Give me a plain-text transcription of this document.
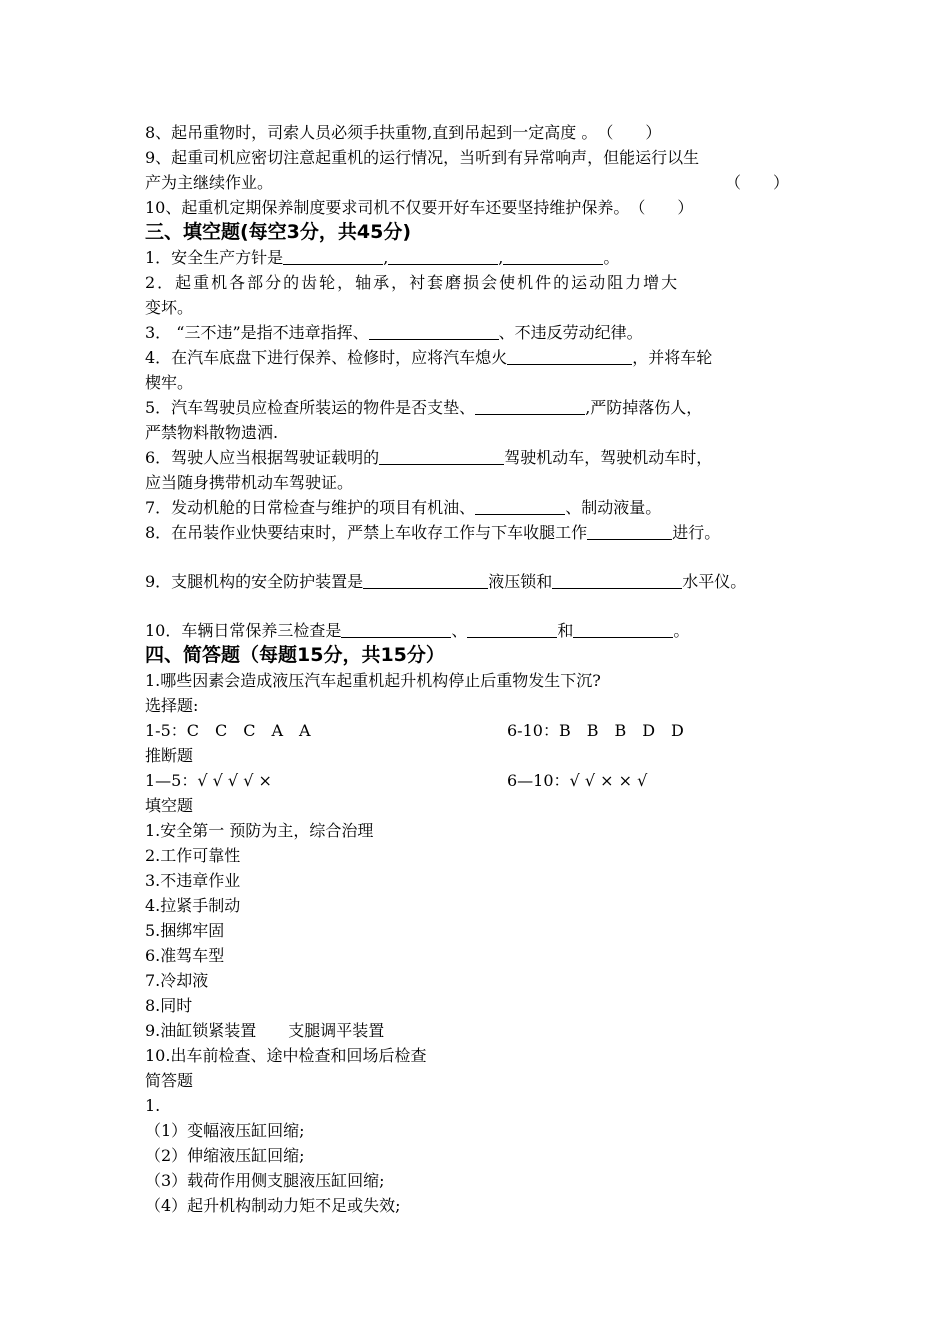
8、起吊重物时，司索人员必须手扶重物,直到吊起到一定高度 。（　　）
9、起重司机应密切注意起重机的运行情况，当听到有异常响声，但能运行以生
产为主继续作业。	（　　）
10、起重机定期保养制度要求司机不仅要开好车还要坚持维护保养。（　　）
三、填空题(每空3分，共45分)
1．安全生产方针是	,	,	。
2．起重机各部分的齿轮，轴承，衬套磨损会使机件的运动阻力增大
变坏。
3． “三不违”是指不违章指挥、	、不违反劳动纪律。
4．在汽车底盘下进行保养、检修时，应将汽车熄火	，并将车轮
楔牢。
5．汽车驾驶员应检查所装运的物件是否支垫、	,严防掉落伤人，
严禁物料散物遗洒.
6．驾驶人应当根据驾驶证载明的	驾驶机动车，驾驶机动车时，
应当随身携带机动车驾驶证。
7．发动机舱的日常检查与维护的项目有机油、	、制动液量。
8．在吊装作业快要结束时，严禁上车收存工作与下车收腿工作	进行。
9．支腿机构的安全防护装置是	液压锁和	水平仪。
10．车辆日常保养三检查是	、	和	。
四、简答题（每题15分，共15分）
1.哪些因素会造成液压汽车起重机起升机构停止后重物发生下沉?
选择题:
1-5：C　C　C　A　A	6-10：B　B　B　D　D
推断题
1—5：√ √ √ √ ×	6—10：√ √ × × √
填空题
1.安全第一 预防为主，综合治理
2.工作可靠性
3.不违章作业
4.拉紧手制动
5.捆绑牢固
6.准驾车型
7.冷却液
8.同时
9.油缸锁紧装置　　支腿调平装置
10.出车前检查、途中检查和回场后检查
简答题
1.
（1）变幅液压缸回缩;
（2）伸缩液压缸回缩;
（3）载荷作用侧支腿液压缸回缩;
（4）起升机构制动力矩不足或失效;
